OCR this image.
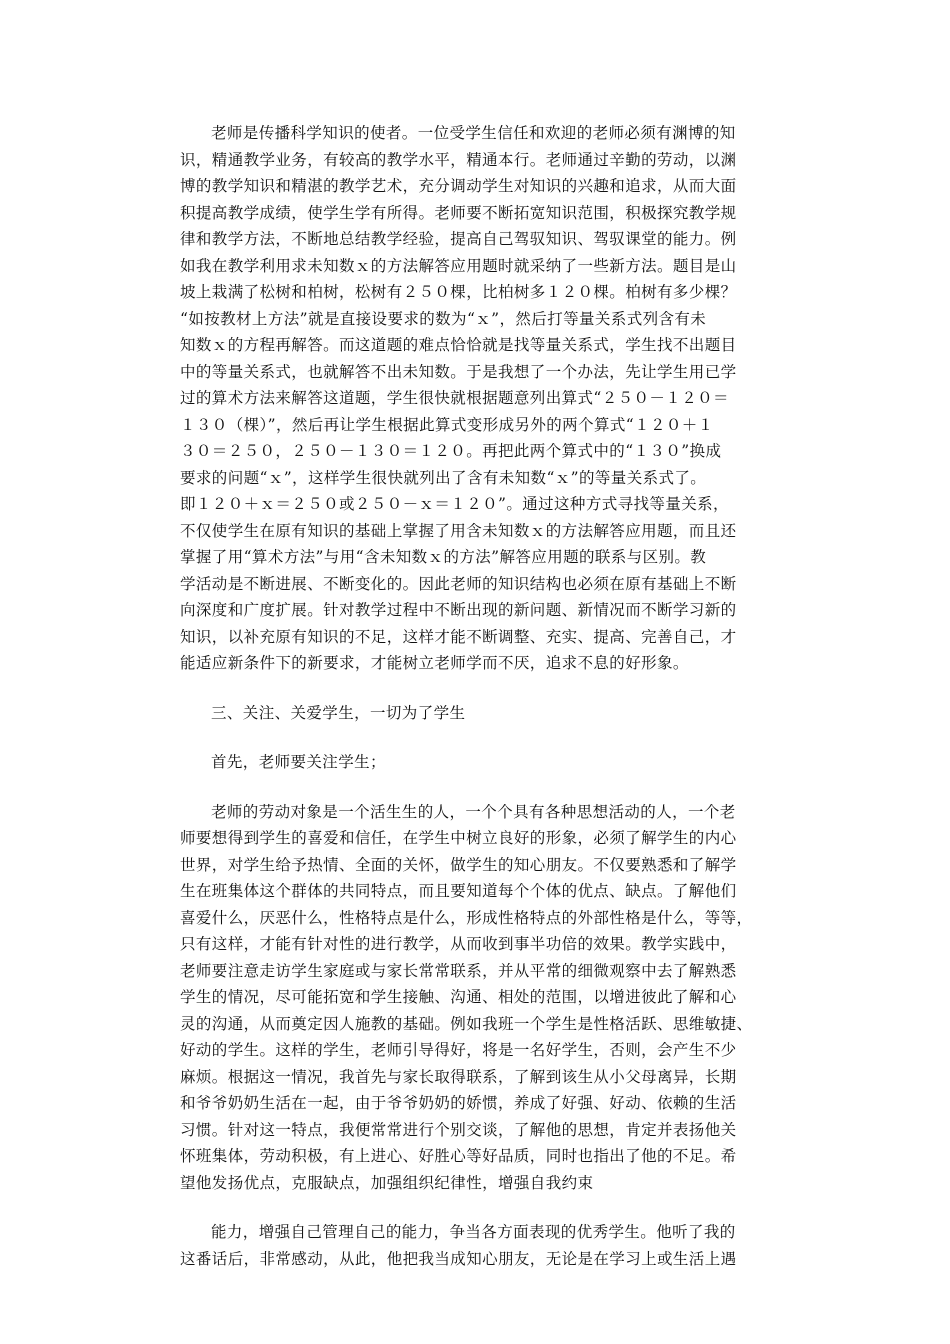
老师是传播科学知识的使者。一位受学生信任和欢迎的老师必须有渊博的知
识，精通教学业务，有较高的教学水平，精通本行。老师通过辛勤的劳动，以渊
博的教学知识和精湛的教学艺术，充分调动学生对知识的兴趣和追求，从而大面
积提高教学成绩，使学生学有所得。老师要不断拓宽知识范围，积极探究教学规
律和教学方法，不断地总结教学经验，提高自己驾驭知识、驾驭课堂的能力。例
如我在教学利用求未知数ｘ的方法解答应用题时就采纳了一些新方法。题目是山
坡上栽满了松树和柏树，松树有２５０棵，比柏树多１２０棵。柏树有多少棵？
“如按教材上方法”就是直接设要求的数为“ｘ”，然后打等量关系式列含有未
知数ｘ的方程再解答。而这道题的难点恰恰就是找等量关系式，学生找不出题目
中的等量关系式，也就解答不出未知数。于是我想了一个办法，先让学生用已学
过的算术方法来解答这道题，学生很快就根据题意列出算式“２５０－１２０＝
１３０（棵）”，然后再让学生根据此算式变形成另外的两个算式“１２０＋１
３０＝２５０，２５０－１３０＝１２０。再把此两个算式中的“１３０”换成
要求的问题“ｘ”，这样学生很快就列出了含有未知数“ｘ”的等量关系式了。
即１２０＋ｘ＝２５０或２５０－ｘ＝１２０”。通过这种方式寻找等量关系，
不仅使学生在原有知识的基础上掌握了用含未知数ｘ的方法解答应用题，而且还
掌握了用“算术方法”与用“含未知数ｘ的方法”解答应用题的联系与区别。教
学活动是不断进展、不断变化的。因此老师的知识结构也必须在原有基础上不断
向深度和广度扩展。针对教学过程中不断出现的新问题、新情况而不断学习新的
知识，以补充原有知识的不足，这样才能不断调整、充实、提高、完善自己，才
能适应新条件下的新要求，才能树立老师学而不厌，追求不息的好形象。
三、关注、关爱学生，一切为了学生
首先，老师要关注学生；
老师的劳动对象是一个活生生的人，一个个具有各种思想活动的人，一个老
师要想得到学生的喜爱和信任，在学生中树立良好的形象，必须了解学生的内心
世界，对学生给予热情、全面的关怀，做学生的知心朋友。不仅要熟悉和了解学
生在班集体这个群体的共同特点，而且要知道每个个体的优点、缺点。了解他们
喜爱什么，厌恶什么，性格特点是什么，形成性格特点的外部性格是什么，等等，
只有这样，才能有针对性的进行教学，从而收到事半功倍的效果。教学实践中，
老师要注意走访学生家庭或与家长常常联系，并从平常的细微观察中去了解熟悉
学生的情况，尽可能拓宽和学生接触、沟通、相处的范围，以增进彼此了解和心
灵的沟通，从而奠定因人施教的基础。例如我班一个学生是性格活跃、思维敏捷、
好动的学生。这样的学生，老师引导得好，将是一名好学生，否则，会产生不少
麻烦。根据这一情况，我首先与家长取得联系，了解到该生从小父母离异，长期
和爷爷奶奶生活在一起，由于爷爷奶奶的娇惯，养成了好强、好动、依赖的生活
习惯。针对这一特点，我便常常进行个别交谈，了解他的思想，肯定并表扬他关
怀班集体，劳动积极，有上进心、好胜心等好品质，同时也指出了他的不足。希
望他发扬优点，克服缺点，加强组织纪律性，增强自我约束
能力，增强自己管理自己的能力，争当各方面表现的优秀学生。他听了我的
这番话后，非常感动，从此，他把我当成知心朋友，无论是在学习上或生活上遇
